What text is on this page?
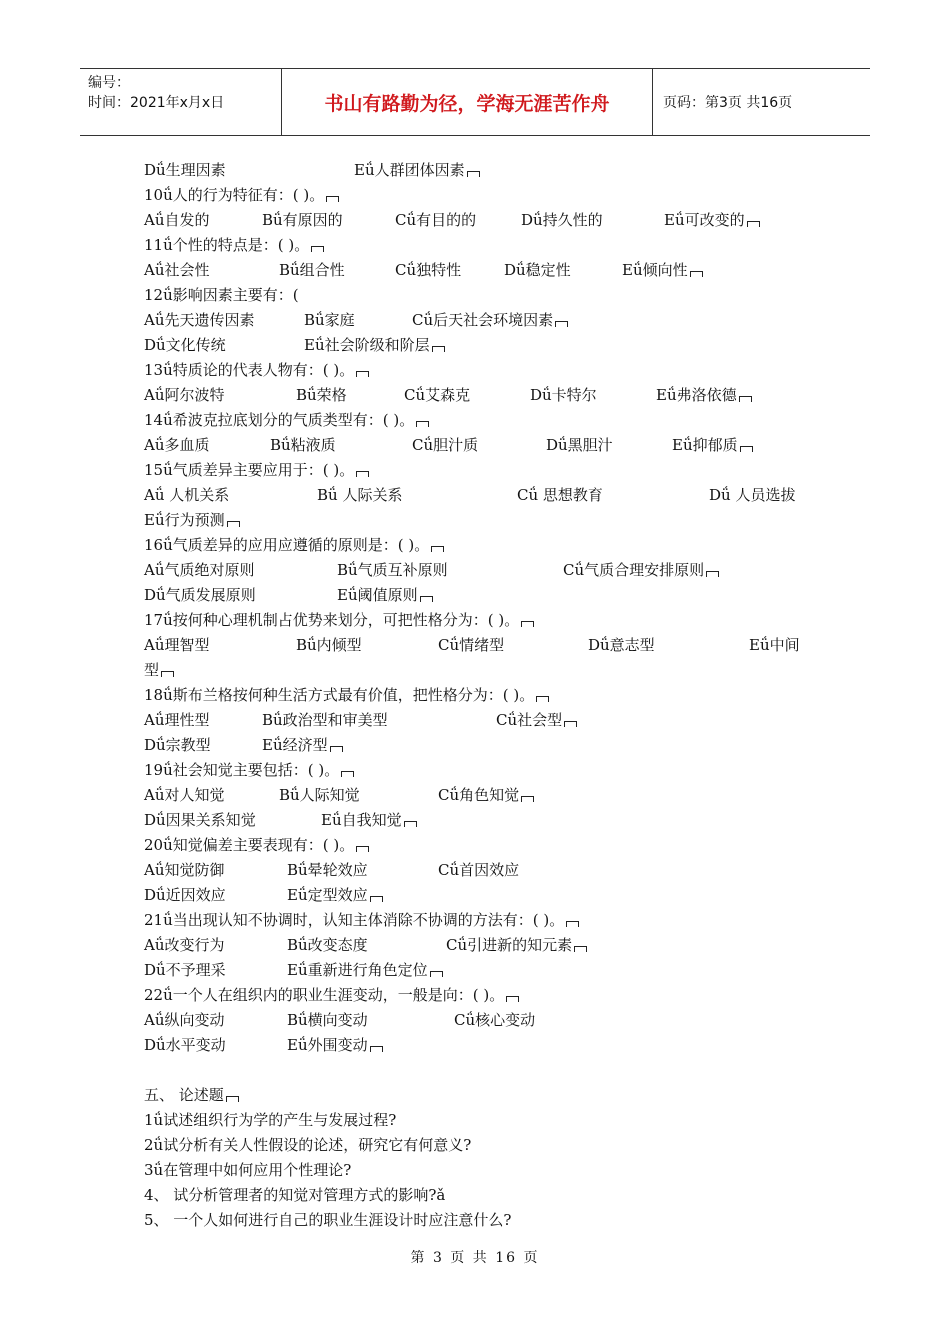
编号：
时间：2021年x月x日	书山有路勤为径，学海无涯苦作舟	页码：第3页 共16页
Dǘ生理因素	Eǘ人群团体因素
10ǘ人的行为特征有：( )。
Aǘ自发的	Bǘ有原因的	Cǘ有目的的	Dǘ持久性的	Eǘ可改变的
11ǘ个性的特点是：( )。
Aǘ社会性	Bǘ组合性	Cǘ独特性	Dǘ稳定性	Eǘ倾向性
12ǘ影响因素主要有：(
Aǘ先天遗传因素	Bǘ家庭	Cǘ后天社会环境因素
Dǘ文化传统	Eǘ社会阶级和阶层
13ǘ特质论的代表人物有：( )。
Aǘ阿尔波特	Bǘ荣格	Cǘ艾森克	Dǘ卡特尔	Eǘ弗洛依德
14ǘ希波克拉底划分的气质类型有：( )。
Aǘ多血质	Bǘ粘液质	Cǘ胆汁质	Dǘ黑胆汁	Eǘ抑郁质
15ǘ气质差异主要应用于：( )。
Aǘ 人机关系	Bǘ 人际关系	Cǘ 思想教育	Dǘ 人员选拔
Eǘ行为预测
16ǘ气质差异的应用应遵循的原则是：( )。
Aǘ气质绝对原则	Bǘ气质互补原则	Cǘ气质合理安排原则
Dǘ气质发展原则	Eǘ阈值原则
17ǘ按何种心理机制占优势来划分，可把性格分为：( )。
Aǘ理智型	Bǘ内倾型	Cǘ情绪型	Dǘ意志型	Eǘ中间
型
18ǘ斯布兰格按何种生活方式最有价值，把性格分为：( )。
Aǘ理性型	Bǘ政治型和审美型	Cǘ社会型
Dǘ宗教型	Eǘ经济型
19ǘ社会知觉主要包括：( )。
Aǘ对人知觉	Bǘ人际知觉	Cǘ角色知觉
Dǘ因果关系知觉	Eǘ自我知觉
20ǘ知觉偏差主要表现有：( )。
Aǘ知觉防御	Bǘ晕轮效应	Cǘ首因效应
Dǘ近因效应	Eǘ定型效应
21ǘ当出现认知不协调时，认知主体消除不协调的方法有：( )。
Aǘ改变行为	Bǘ改变态度	Cǘ引进新的知元素
Dǘ不予理采	Eǘ重新进行角色定位
22ǘ一个人在组织内的职业生涯变动，一般是向：( )。
Aǘ纵向变动	Bǘ横向变动	Cǘ核心变动
Dǘ水平变动	Eǘ外围变动
五、 论述题
1ǘ试述组织行为学的产生与发展过程?
2ǘ试分析有关人性假设的论述，研究它有何意义?
3ǘ在管理中如何应用个性理论?
4、 试分析管理者的知觉对管理方式的影响?ǎ
5、 一个人如何进行自己的职业生涯设计时应注意什么?
第 3 页 共 16 页
